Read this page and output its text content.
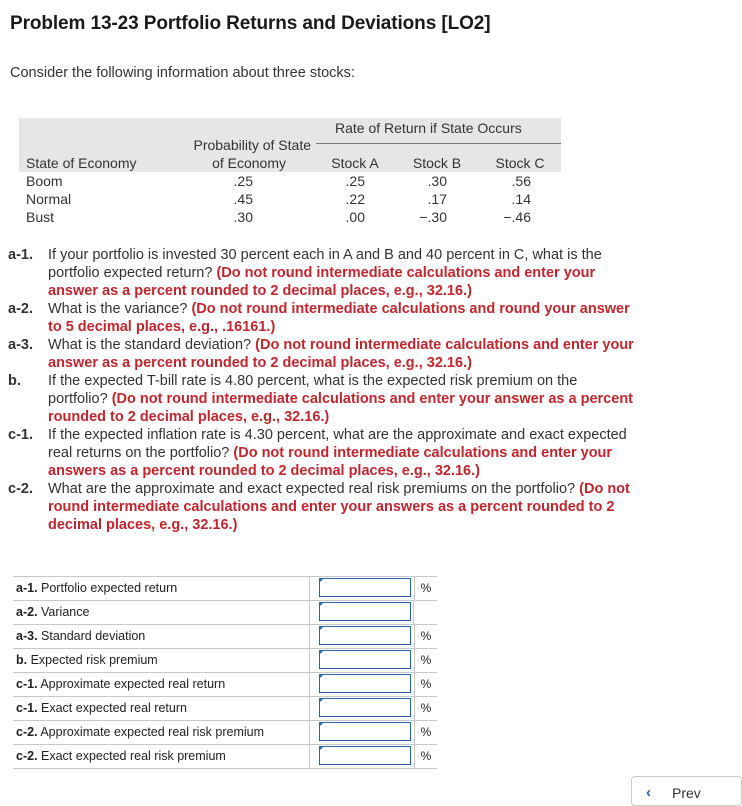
Problem 13-23 Portfolio Returns and Deviations [LO2]
Consider the following information about three stocks:
Rate of Return if State Occurs
Probability of State
State of Economy	of Economy	Stock A	Stock B	Stock C
Boom	.25	.25	.30	.56
Normal	.45	.22	.17	.14
Bust	.30	.00	−.30	−.46
a-1. If your portfolio is invested 30 percent each in A and B and 40 percent in C, what is the portfolio expected return? (Do not round intermediate calculations and enter your answer as a percent rounded to 2 decimal places, e.g., 32.16.)
a-2. What is the variance? (Do not round intermediate calculations and round your answer to 5 decimal places, e.g., .16161.)
a-3. What is the standard deviation? (Do not round intermediate calculations and enter your answer as a percent rounded to 2 decimal places, e.g., 32.16.)
b. If the expected T-bill rate is 4.80 percent, what is the expected risk premium on the portfolio? (Do not round intermediate calculations and enter your answer as a percent rounded to 2 decimal places, e.g., 32.16.)
c-1. If the expected inflation rate is 4.30 percent, what are the approximate and exact expected real returns on the portfolio? (Do not round intermediate calculations and enter your answers as a percent rounded to 2 decimal places, e.g., 32.16.)
c-2. What are the approximate and exact expected real risk premiums on the portfolio? (Do not round intermediate calculations and enter your answers as a percent rounded to 2 decimal places, e.g., 32.16.)
a-1. Portfolio expected return	%
a-2. Variance
a-3. Standard deviation	%
b. Expected risk premium	%
c-1. Approximate expected real return	%
c-1. Exact expected real return	%
c-2. Approximate expected real risk premium	%
c-2. Exact expected real risk premium	%
‹ Prev
